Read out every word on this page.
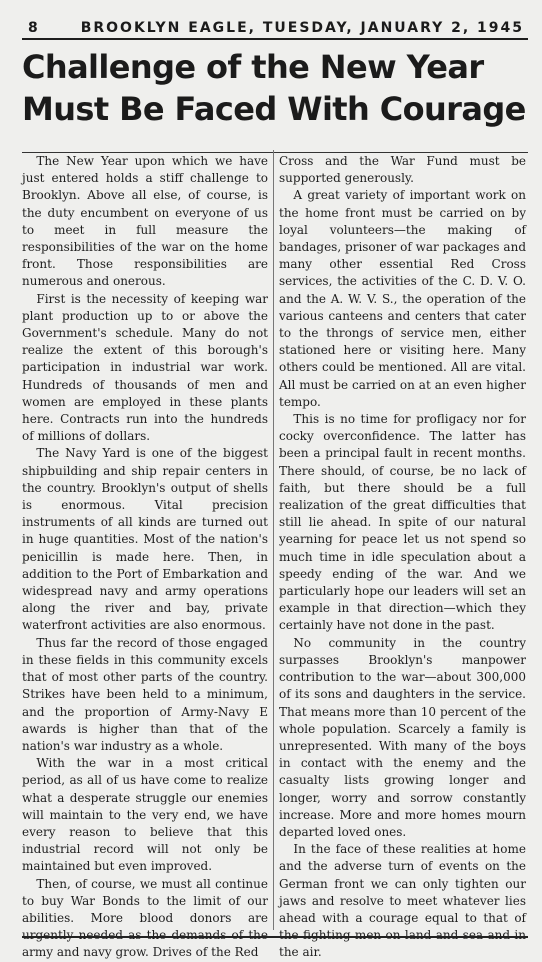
8	BROOKLYN EAGLE, TUESDAY, JANUARY 2, 1945
Challenge of the New Year
Must Be Faced With Courage

The New Year upon which we have just entered holds a stiff challenge to Brooklyn. Above all else, of course, is the duty encumbent on everyone of us to meet in full measure the responsibilities of the war on the home front. Those responsibilities are numerous and onerous.

First is the necessity of keeping war plant production up to or above the Government's schedule. Many do not realize the extent of this borough's participation in industrial war work. Hundreds of thousands of men and women are employed in these plants here. Contracts run into the hundreds of millions of dollars.

The Navy Yard is one of the biggest shipbuilding and ship repair centers in the country. Brooklyn's output of shells is enormous. Vital precision instruments of all kinds are turned out in huge quantities. Most of the nation's penicillin is made here. Then, in addition to the Port of Embarkation and widespread navy and army operations along the river and bay, private waterfront activities are also enormous.

Thus far the record of those engaged in these fields in this community excels that of most other parts of the country. Strikes have been held to a minimum, and the proportion of Army-Navy E awards is higher than that of the nation's war industry as a whole.

With the war in a most critical period, as all of us have come to realize what a desperate struggle our enemies will maintain to the very end, we have every reason to believe that this industrial record will not only be maintained but even improved.

Then, of course, we must all continue to buy War Bonds to the limit of our abilities. More blood donors are urgently needed as the demands of the army and navy grow. Drives of the Red

Cross and the War Fund must be supported generously.

A great variety of important work on the home front must be carried on by loyal volunteers—the making of bandages, prisoner of war packages and many other essential Red Cross services, the activities of the C. D. V. O. and the A. W. V. S., the operation of the various canteens and centers that cater to the throngs of service men, either stationed here or visiting here. Many others could be mentioned. All are vital. All must be carried on at an even higher tempo.

This is no time for profligacy nor for cocky overconfidence. The latter has been a principal fault in recent months. There should, of course, be no lack of faith, but there should be a full realization of the great difficulties that still lie ahead. In spite of our natural yearning for peace let us not spend so much time in idle speculation about a speedy ending of the war. And we particularly hope our leaders will set an example in that direction—which they certainly have not done in the past.

No community in the country surpasses Brooklyn's manpower contribution to the war—about 300,000 of its sons and daughters in the service. That means more than 10 percent of the whole population. Scarcely a family is unrepresented. With many of the boys in contact with the enemy and the casualty lists growing longer and longer, worry and sorrow constantly increase. More and more homes mourn departed loved ones.

In the face of these realities at home and the adverse turn of events on the German front we can only tighten our jaws and resolve to meet whatever lies ahead with a courage equal to that of the fighting men on land and sea and in the air.
